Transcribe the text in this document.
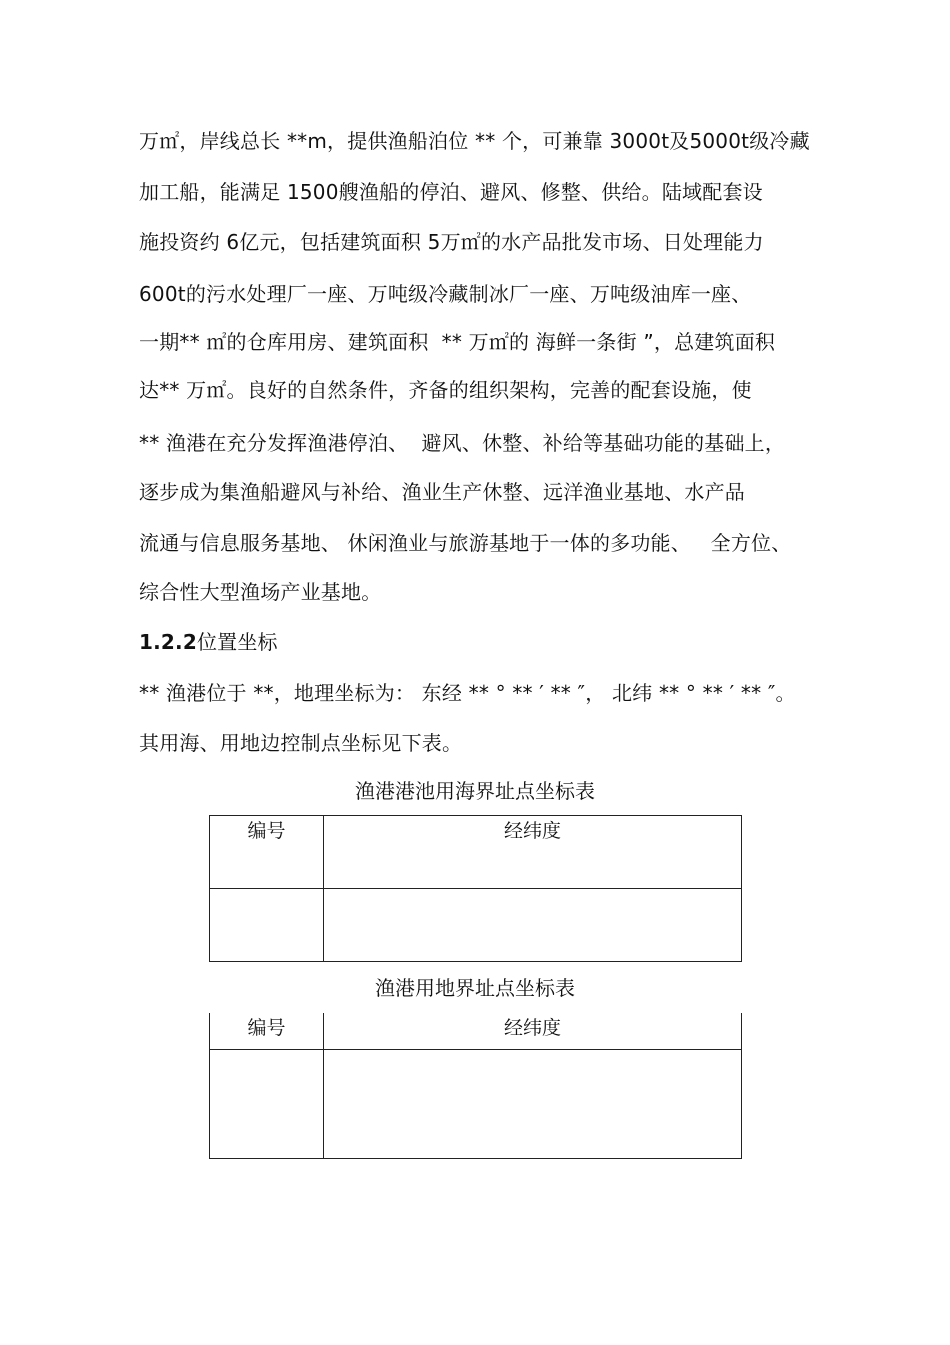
万㎡，岸线总长 **m，提供渔船泊位 ** 个，可兼靠 3000t及5000t级冷藏
加工船，能满足 1500艘渔船的停泊、避风、修整、供给。陆域配套设
施投资约 6亿元，包括建筑面积 5万㎡的水产品批发市场、日处理能力
600t的污水处理厂一座、万吨级冷藏制冰厂一座、万吨级油库一座、
一期** ㎡的仓库用房、建筑面积  ** 万㎡的 海鲜一条街 ”，总建筑面积
达** 万㎡。良好的自然条件，齐备的组织架构，完善的配套设施，使
** 渔港在充分发挥渔港停泊、  避风、休整、补给等基础功能的基础上，
逐步成为集渔船避风与补给、渔业生产休整、远洋渔业基地、水产品
流通与信息服务基地、 休闲渔业与旅游基地于一体的多功能、   全方位、
综合性大型渔场产业基地。
1.2.2位置坐标
** 渔港位于 **，地理坐标为： 东经 ** ° ** ′ ** ″， 北纬 ** ° ** ′ ** ″。
其用海、用地边控制点坐标见下表。
渔港港池用海界址点坐标表
编号	经纬度

渔港用地界址点坐标表
编号	经纬度
